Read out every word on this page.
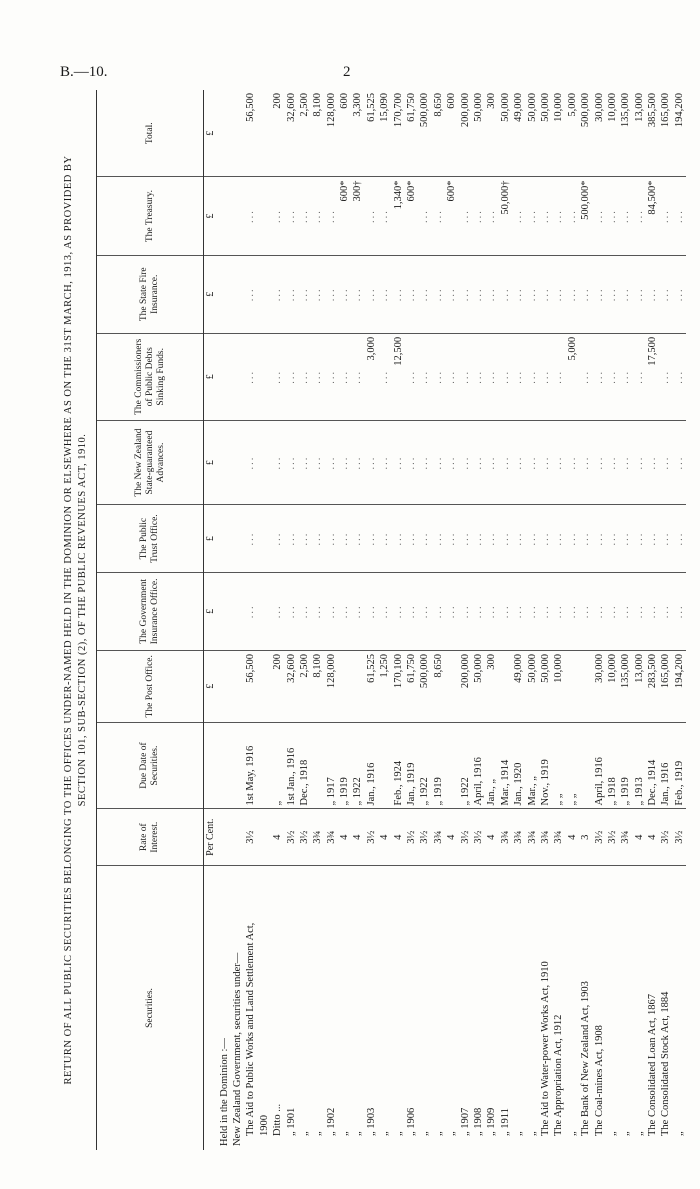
B.—10.	2
RETURN OF ALL PUBLIC SECURITIES BELONGING TO THE OFFICES UNDER-NAMED HELD IN THE DOMINION OR ELSEWHERE AS ON THE 31ST MARCH, 1913, AS PROVIDED BY SECTION 101, SUB-SECTION (2), OF THE PUBLIC REVENUES ACT, 1910.
Securities.	Rate of Interest.	Due Date of Securities.	The Post Office.	The Government Insurance Office.	The Public Trust Office.	The New Zealand State-guaranteed Advances.	The Commissioners of Public Debts Sinking Funds.	The State Fire Insurance.	The Treasury.	Total.
	Per Cent.		£	£	£	£	£	£	£	£
Held in the Dominion :—										
New Zealand Government, securities under—										
The Aid to Public Works and Land Settlement Act,	3½	1st May, 1916	56,500	...	...	...	...	...	...	56,500
1900										
Ditto ...	4	„	200	...	...	...	...	...	...	200
„ 1901	3½	1st Jan., 1916	32,600	...	...	...	...	...	...	32,600
„	3½	Dec., 1918	2,500	...	...	...	...	...	...	2,500
„	3¾		8,100	...	...	...	...	...	...	8,100
„ 1902	3¾	„ 1917	128,000	...	...	...	...	...	...	128,000
„	4	„ 1919		...	...	...	...	...	600*	600
„	4	„ 1922		...	...	...	...	...	300†	3,300
„ 1903	3½	Jan., 1916	61,525	...	...	...	3,000	...	...	61,525
„	4		1,250	...	...	...	...	...	...	15,090
„	4	Feb., 1924	170,100	...	...	...	12,500	...	1,340*	170,700
„ 1906	3½	Jan., 1919	61,750	...	...	...	...	...	600*	61,750
„	3½	„ 1922	500,000	...	...	...	...	...	...	500,000
„	3¾	„ 1919	8,650	...	...	...	...	...	...	8,650
„	4			...	...	...	...	...	600*	600
„ 1907	3½	„ 1922	200,000	...	...	...	...	...	...	200,000
„ 1908	3½	April, 1916	50,000	...	...	...	...	...	...	50,000
„ 1909	4	Jan., „	300	...	...	...	...	...	...	300
„ 1911	3¾	Mar., 1914		...	...	...	...	...	50,000†	50,000
„	3¾	Jan., 1920	49,000	...	...	...	...	...	...	49,000
„	3¾	Mar., „	50,000	...	...	...	...	...	...	50,000
The Aid to Water-power Works Act, 1910	3¾	Nov., 1919	50,000	...	...	...	...	...	...	50,000
The Appropriation Act, 1912	3¾	„ „	10,000	...	...	...	...	...	...	10,000
„	4	„ „		...	...	...	5,000	...	...	5,000
The Bank of New Zealand Act, 1903	3			...	...	...	...	...	500,000*	500,000
The Coal-mines Act, 1908	3½	April, 1916	30,000	...	...	...	...	...	...	30,000
„	3½	„ 1918	10,000	...	...	...	...	...	...	10,000
„	3¾	„ 1919	135,000	...	...	...	...	...	...	135,000
„	4	„ 1913	13,000	...	...	...	...	...	...	13,000
The Consolidated Loan Act, 1867	4	Dec., 1914	283,500	...	...	...	17,500	...	84,500*	385,500
The Consolidated Stock Act, 1884	3½	Jan., 1916	165,000	...	...	...	...	...	...	165,000
„	3½	Feb., 1919	194,200	...	...	...	...	...	...	194,200
